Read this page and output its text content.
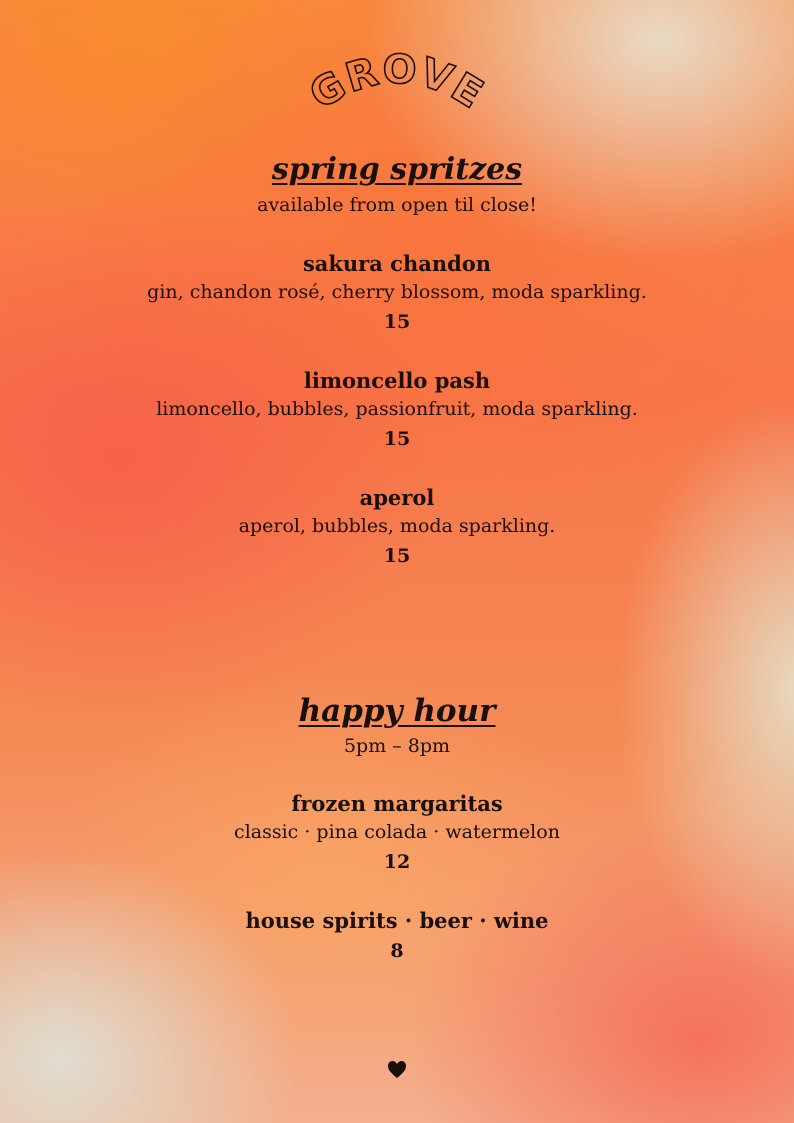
GROVE
spring spritzes

available from open til close!

sakura chandon

gin, chandon rosé, cherry blossom, moda sparkling.

15

limoncello pash

limoncello, bubbles, passionfruit, moda sparkling.

15

aperol

aperol, bubbles, moda sparkling.

15

happy hour

5pm – 8pm

frozen margaritas

classic · pina colada · watermelon

12

house spirits · beer · wine

8
